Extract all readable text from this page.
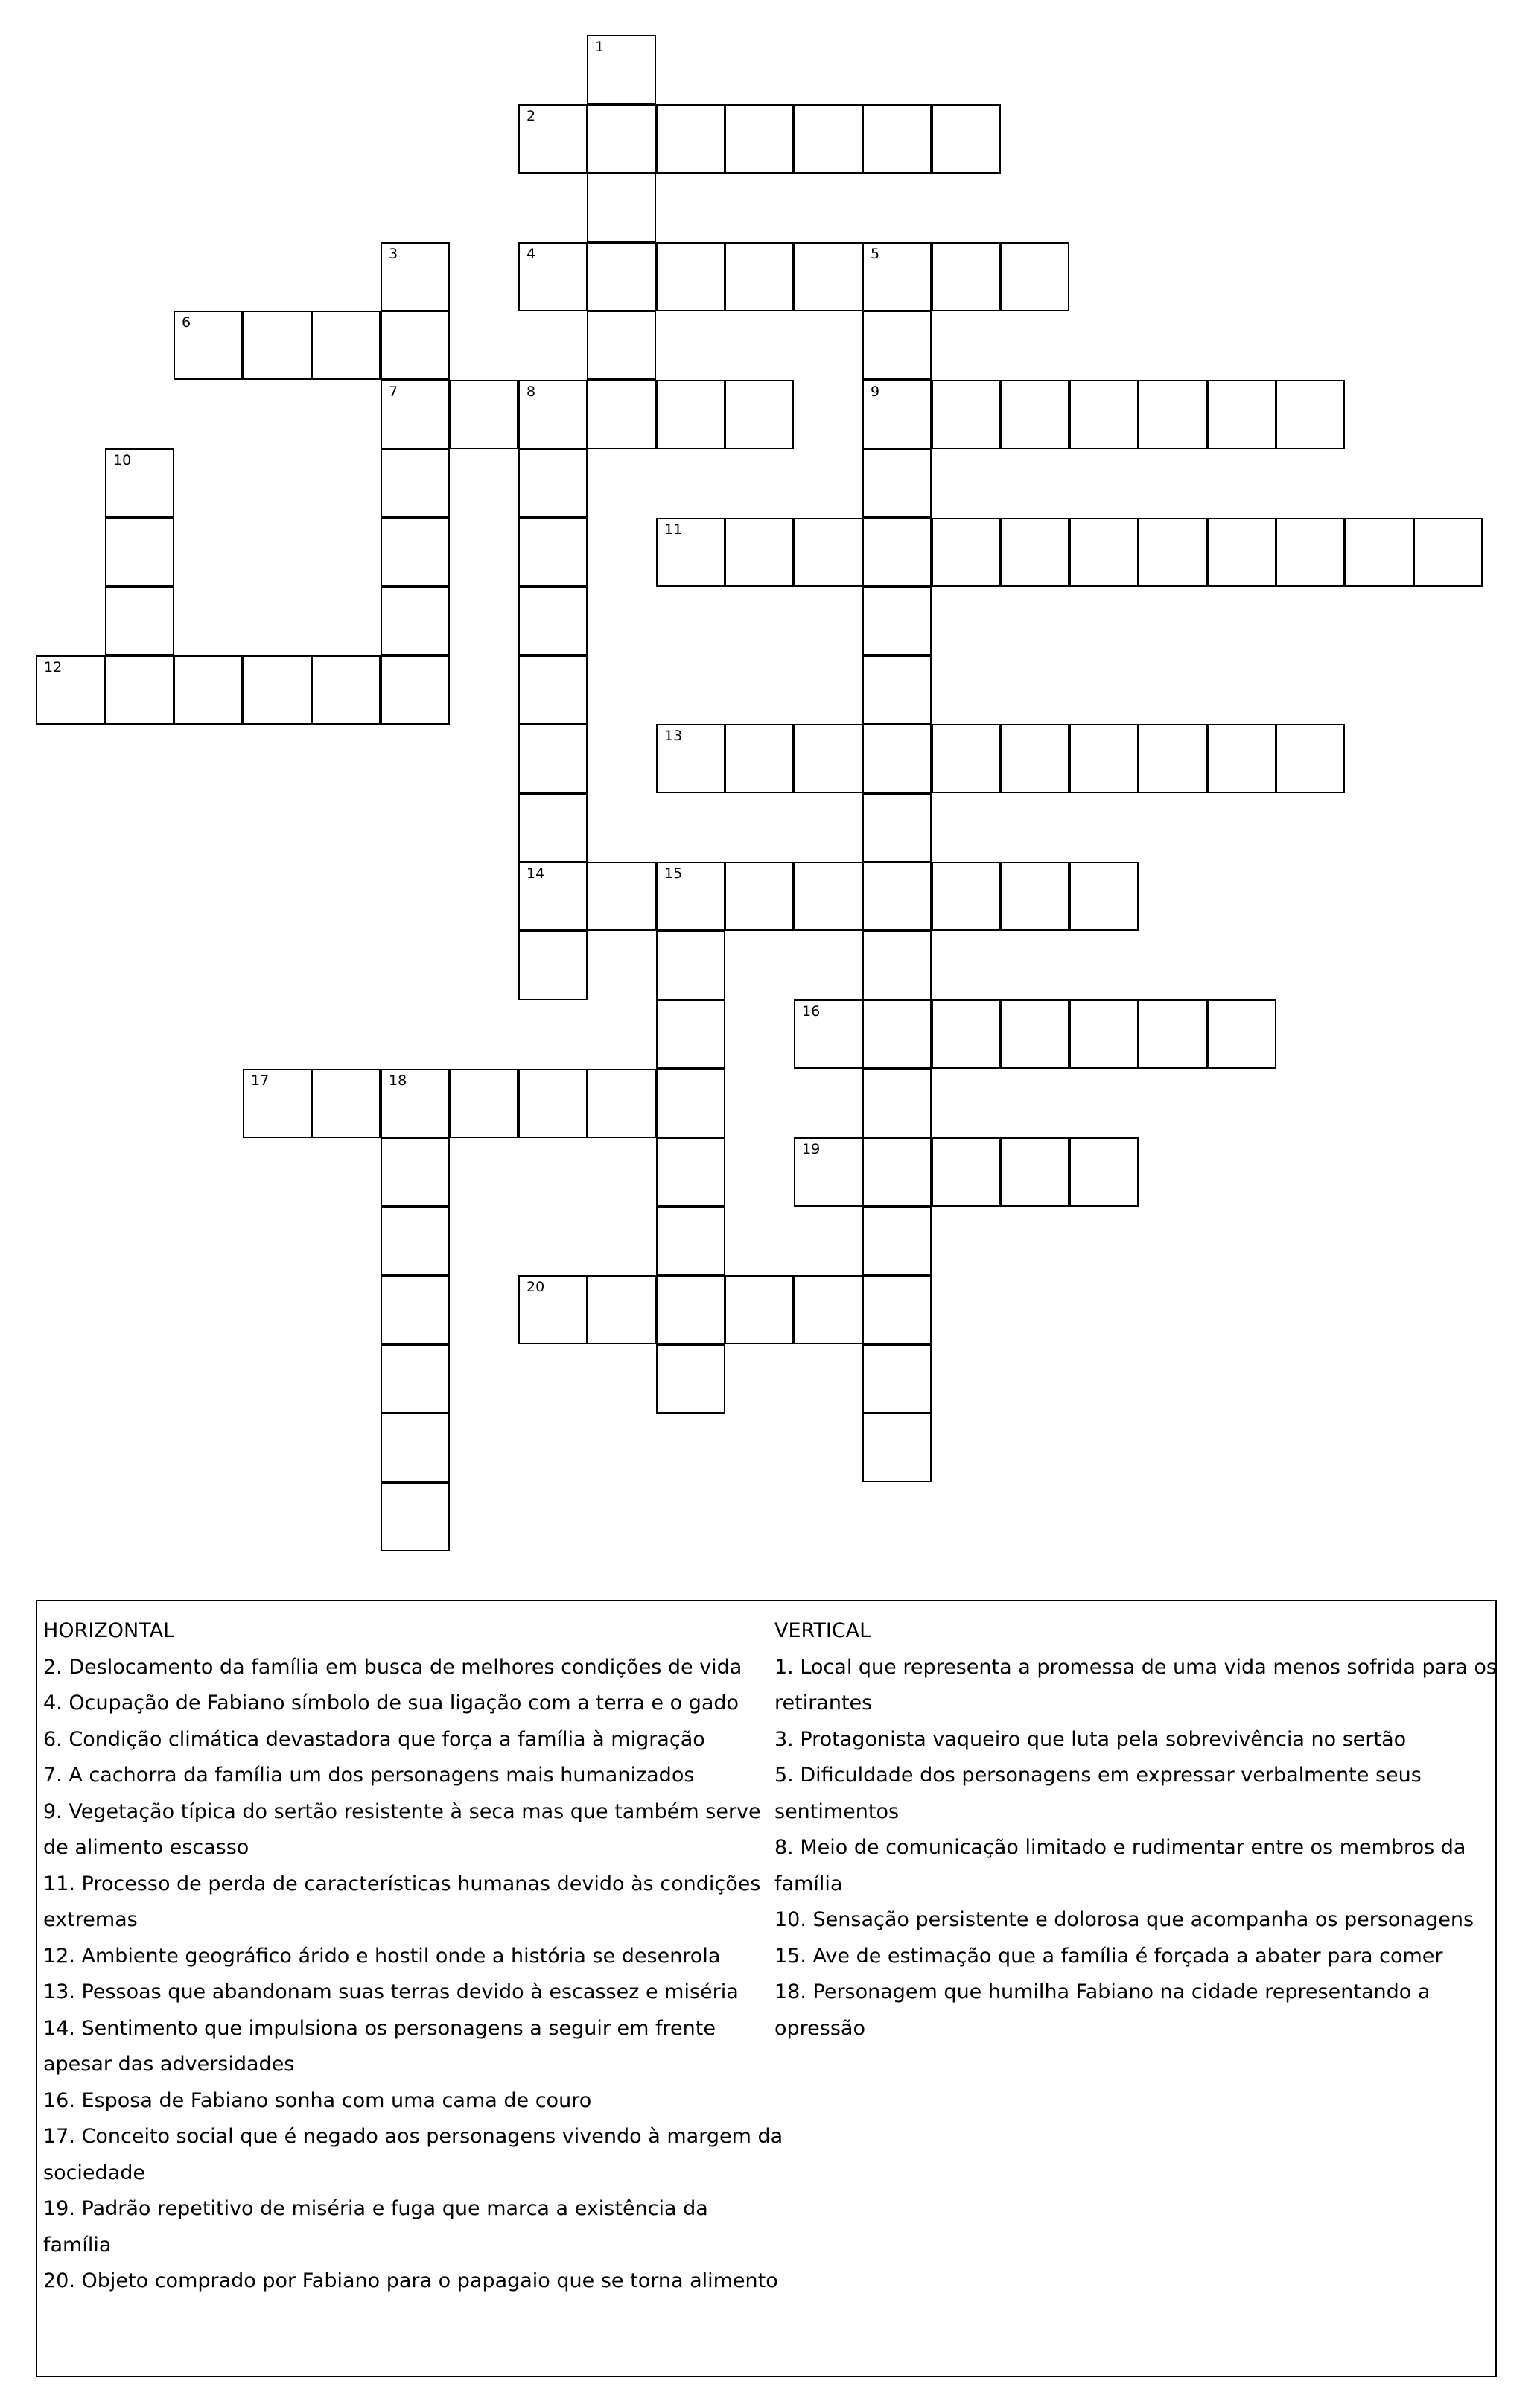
1
2
3	4	5
6
7	8	9
10
11
12
13
14	15
16
17	18
19
20
HORIZONTAL
2. Deslocamento da família em busca de melhores condições de vida
4. Ocupação de Fabiano símbolo de sua ligação com a terra e o gado
6. Condição climática devastadora que força a família à migração
7. A cachorra da família um dos personagens mais humanizados
9. Vegetação típica do sertão resistente à seca mas que também serve
de alimento escasso
11. Processo de perda de características humanas devido às condições
extremas
12. Ambiente geográfico árido e hostil onde a história se desenrola
13. Pessoas que abandonam suas terras devido à escassez e miséria
14. Sentimento que impulsiona os personagens a seguir em frente
apesar das adversidades
16. Esposa de Fabiano sonha com uma cama de couro
17. Conceito social que é negado aos personagens vivendo à margem da
sociedade
19. Padrão repetitivo de miséria e fuga que marca a existência da
família
20. Objeto comprado por Fabiano para o papagaio que se torna alimento
VERTICAL
1. Local que representa a promessa de uma vida menos sofrida para os
retirantes
3. Protagonista vaqueiro que luta pela sobrevivência no sertão
5. Dificuldade dos personagens em expressar verbalmente seus
sentimentos
8. Meio de comunicação limitado e rudimentar entre os membros da
família
10. Sensação persistente e dolorosa que acompanha os personagens
15. Ave de estimação que a família é forçada a abater para comer
18. Personagem que humilha Fabiano na cidade representando a
opressão
